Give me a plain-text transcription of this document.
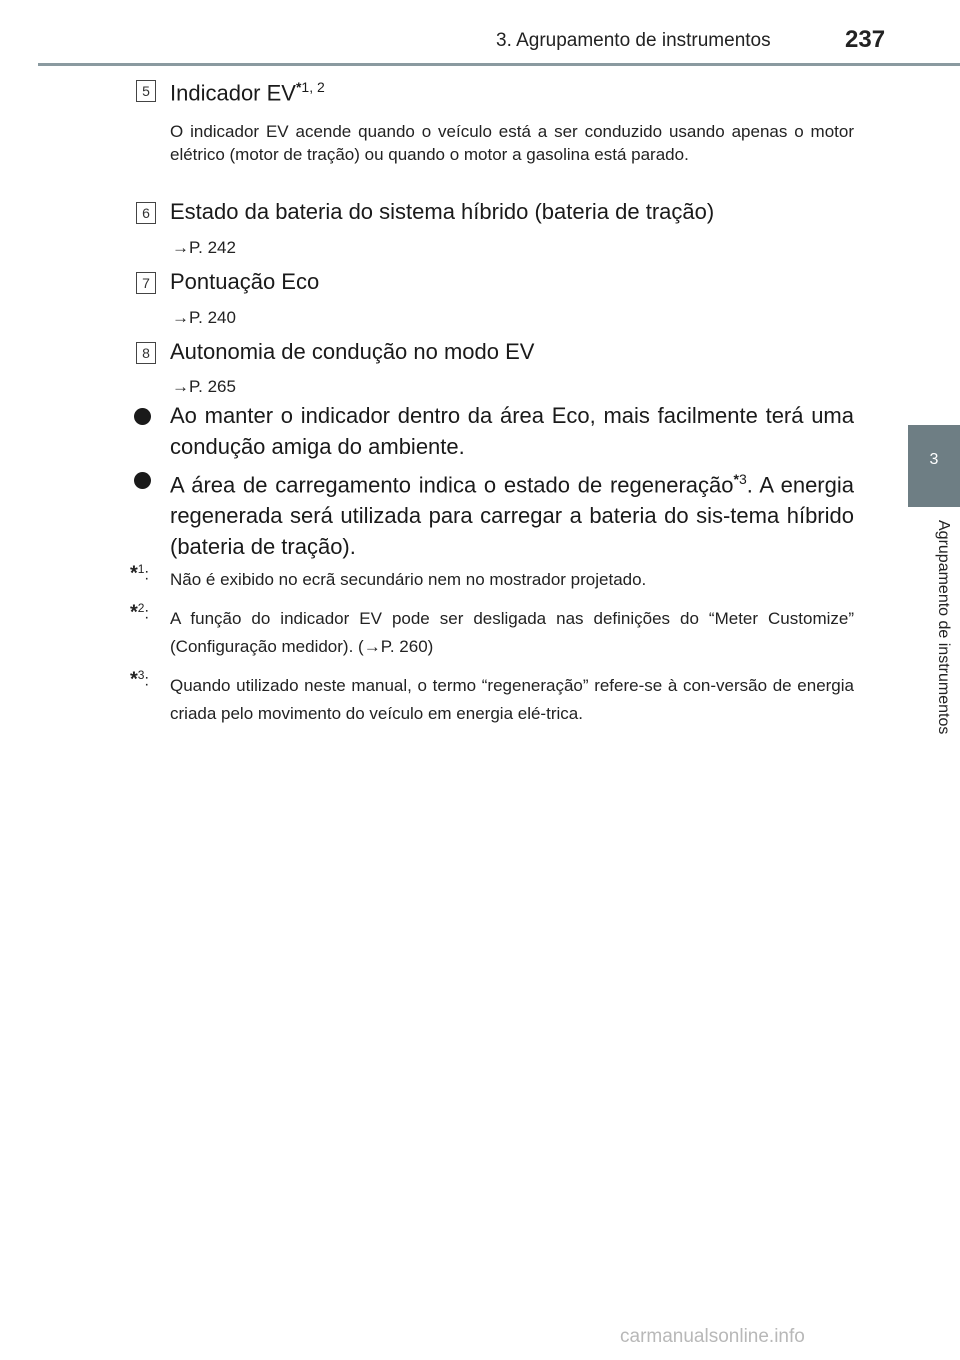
3. Agrupamento de instrumentos	237
3
Agrupamento de instrumentos
5 Indicador EV$^{*1, 2}$
O indicador EV acende quando o veículo está a ser conduzido usando apenas o motor elétrico (motor de tração) ou quando o motor a gasolina está parado.
6 Estado da bateria do sistema híbrido (bateria de tração)
→P. 242
7 Pontuação Eco
→P. 240
8 Autonomia de condução no modo EV
→P. 265
Ao manter o indicador dentro da área Eco, mais facilmente terá uma condução amiga do ambiente.
A área de carregamento indica o estado de regeneração$^{*3}$. A energia regenerada será utilizada para carregar a bateria do sis-tema híbrido (bateria de tração).
*$^1$: Não é exibido no ecrã secundário nem no mostrador projetado.
*$^2$: A função do indicador EV pode ser desligada nas definições do “Meter Customize” (Configuração medidor). (→P. 260)
*$^3$: Quando utilizado neste manual, o termo “regeneração” refere-se à con-versão de energia criada pelo movimento do veículo em energia elé-trica.
carmanualsonline.info
